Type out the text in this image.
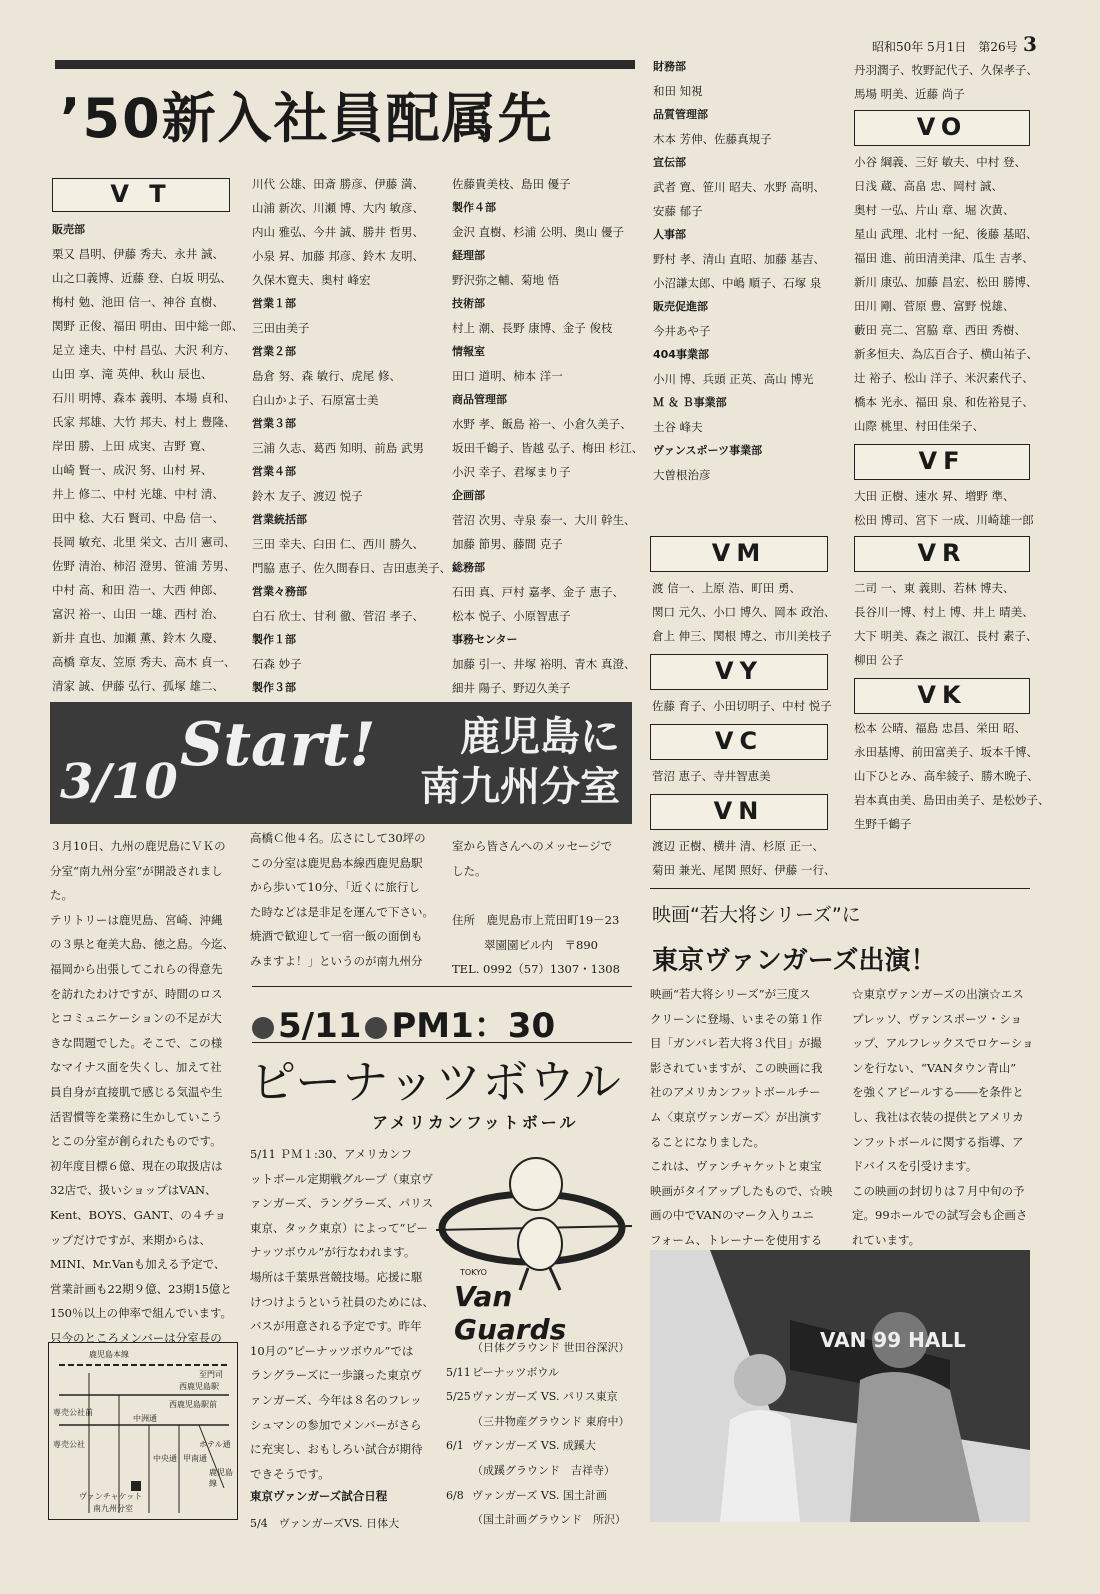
昭和50年 5月1日　第26号 3
’50新入社員配属先
V T
販売部
栗又 昌明、伊藤 秀夫、永井 誠、
山之口義博、近藤 登、白坂 明弘、
梅村 勉、池田 信一、神谷 直樹、
関野 正俊、福田 明由、田中総一郎、
足立 達夫、中村 昌弘、大沢 利方、
山田 享、滝 英伸、秋山 辰也、
石川 明博、森本 義明、本場 貞和、
氏家 邦雄、大竹 邦夫、村上 豊隆、
岸田 勝、上田 成実、吉野 寛、
山崎 賢一、成沢 努、山村 昇、
井上 修二、中村 光雄、中村 清、
田中 稔、大石 賢司、中島 信一、
長岡 敏充、北里 栄文、古川 憲司、
佐野 清治、柿沼 澄男、笹浦 芳男、
中村 高、和田 浩一、大西 伸郎、
富沢 裕一、山田 一雄、西村 治、
新井 直也、加瀬 薫、鈴木 久慶、
高橋 章友、笠原 秀夫、高木 貞一、
清家 誠、伊藤 弘行、孤塚 雄二、
川代 公雄、田斎 勝彦、伊藤 満、
山浦 新次、川瀬 博、大内 敏彦、
内山 雅弘、今井 誠、勝井 哲男、
小泉 昇、加藤 邦彦、鈴木 友明、
久保木寛夫、奥村 峰宏
営業１部
三田由美子
営業２部
島倉 努、森 敏行、虎尾 修、
白山かよ子、石原富士美
営業３部
三浦 久志、葛西 知明、前島 武男
営業４部
鈴木 友子、渡辺 悦子
営業統括部
三田 幸夫、臼田 仁、西川 勝久、
門脇 恵子、佐久間春日、吉田恵美子、
営業々務部
白石 欣士、甘利 徹、菅沼 孝子、
製作１部
石森 妙子
製作３部
佐藤貴美枝、島田 優子
製作４部
金沢 直樹、杉浦 公明、奥山 優子
経理部
野沢弥之輔、菊地 悟
技術部
村上 潮、長野 康博、金子 俊枝
情報室
田口 道明、柿本 洋一
商品管理部
水野 孝、飯島 裕一、小倉久美子、
坂田千鶴子、皆越 弘子、梅田 杉江、
小沢 幸子、君塚まり子
企画部
菅沼 次男、寺泉 泰一、大川 幹生、
加藤 節男、藤間 克子
総務部
石田 真、戸村 嘉孝、金子 恵子、
松本 悦子、小原智恵子
事務センター
加藤 引一、井塚 裕明、青木 真澄、
細井 陽子、野辺久美子
財務部
和田 知視
品質管理部
木本 芳伸、佐藤真規子
宣伝部
武者 寛、笹川 昭夫、水野 高明、
安藤 郁子
人事部
野村 孝、清山 直昭、加藤 基吉、
小沼謙太郎、中嶋 順子、石塚 泉
販売促進部
今井あや子
404事業部
小川 博、兵頭 正英、高山 博光
Ｍ ＆ Ｂ事業部
土谷 峰夫
ヴァンスポーツ事業部
大曽根治彦
丹羽潤子、牧野記代子、久保孝子、
馬場 明美、近藤 尚子
VO
小谷 綱義、三好 敏夫、中村 登、
日浅 蔵、高畠 忠、岡村 誠、
奥村 一弘、片山 章、堀 次黄、
星山 武理、北村 一紀、後藤 基昭、
福田 進、前田清美津、瓜生 吉孝、
新川 康弘、加藤 昌宏、松田 勝博、
田川 剛、菅原 豊、富野 悦雄、
藪田 亮二、宮脇 章、西田 秀樹、
新多恒夫、為広百合子、横山祐子、
辻 裕子、松山 洋子、米沢素代子、
橋本 光永、福田 泉、和佐裕見子、
山際 桃里、村田佳栄子、
VF
大田 正樹、速水 昇、増野 準、
松田 博司、宮下 一成、川崎雄一郎
VR
二司 一、東 義則、若林 博夫、
長谷川一博、村上 博、井上 晴美、
大下 明美、森之 淑江、長村 素子、
柳田 公子
VK
松本 公晴、福島 忠昌、栄田 昭、
永田基博、前田富美子、坂本千博、
山下ひとみ、高牟綾子、勝木晩子、
岩本真由美、島田由美子、是松妙子、
生野千鶴子
VM
渡 信一、上原 浩、町田 勇、
関口 元久、小口 博久、岡本 政治、
倉上 伸三、関根 博之、市川美枝子
VY
佐藤 育子、小田切明子、中村 悦子
VC
菅沼 恵子、寺井智恵美
VN
渡辺 正樹、横井 清、杉原 正一、
菊田 兼光、尾関 照好、伊藤 一行、
3/10
Start!	鹿児島に
南九州分室
３月10日、九州の鹿児島にＶＫの
分室“南九州分室”が開設されまし
た。
テリトリーは鹿児島、宮崎、沖縄
の３県と奄美大島、徳之島。今迄、
福岡から出張してこれらの得意先
を訪れたわけですが、時間のロス
とコミュニケーションの不足が大
きな問題でした。そこで、この様
なマイナス面を失くし、加えて社
員自身が直接肌で感じる気温や生
活習慣等を業務に生かしていこう
とこの分室が創られたものです。
初年度目標６億、現在の取扱店は
32店で、扱いショップはVAN、
Kent、BOYS、GANT、の４チョ
ップだけですが、来期からは、
MINI、Mr.Vanも加える予定で、
営業計画も22期９億、23期15億と
150％以上の伸率で組んでいます。
只今のところメンバーは分室長の
高橋Ｃ他４名。広さにして30坪の
この分室は鹿児島本線西鹿児島駅
から歩いて10分、「近くに旅行し
た時などは是非足を運んで下さい。
焼酒で歓迎して一宿一飯の面倒も
みますよ！」というのが南九州分
室から皆さんへのメッセージで
した。
住所　 鹿児島市上荒田町19－23
翠園園ビル内　〒890
TEL. 0992（57）1307・1308
鹿児島本線
至門司
西鹿児島駅
西鹿児島駅前
専売公社前
中洲通
専売公社
中央通 甲南通
ホテル通
鹿児島線
ヴァンチャケット
南九州分室
5/11 PM1：30
ピーナッツボウル
アメリカンフットボール
5/11 ＰＭ１:30、アメリカンフ
ットボール定期戦グループ（東京ヴ
ァンガーズ、ラングラーズ、パリス
東京、タック東京）によって“ピー
ナッツボウル”が行なわれます。
場所は千葉県営競技場。応援に駆
けつけようという社員のためには、
バスが用意される予定です。昨年
10月の“ピーナッツボウル”では
ラングラーズに一歩譲った東京ヴ
ァンガーズ、今年は８名のフレッ
シュマンの参加でメンバーがさら
に充実し、おもしろい試合が期待
できそうです。
東京ヴァンガーズ試合日程
5/4　 ヴァンガーズVS. 日体大
（日体グラウンド 世田谷深沢）
5/11ピーナッツボウル
5/25ヴァンガーズ VS. パリス東京
（三井物産グラウンド 東府中）
6/1 ヴァンガーズ VS. 成蹊大
（成蹊グラウンド　吉祥寺）
6/8 ヴァンガーズ VS. 国土計画
（国土計画グラウンド　所沢）
TOKYO
Van Guards
映画“若大将シリーズ”に
東京ヴァンガーズ出演！
映画“若大将シリーズ”が三度ス
クリーンに登場、いまその第１作
目「ガンバレ若大将３代目」が撮
影されていますが、この映画に我
社のアメリカンフットボールチー
ム〈東京ヴァンガーズ〉が出演す
ることになりました。
これは、ヴァンチャケットと東宝
映画がタイアップしたもので、☆映
画の中でVANのマーク入りユニ
フォーム、トレーナーを使用する
☆東京ヴァンガーズの出演☆エス
プレッソ、ヴァンスポーツ・ショ
ップ、アルフレックスでロケーショ
ンを行ない、“VANタウン青山”
を強くアピールする――を条件と
し、我社は衣装の提供とアメリカ
ンフットボールに関する指導、ア
ドバイスを引受けます。
この映画の封切りは７月中旬の予
定。99ホールでの試写会も企画さ
れています。
VAN 99 HALL
